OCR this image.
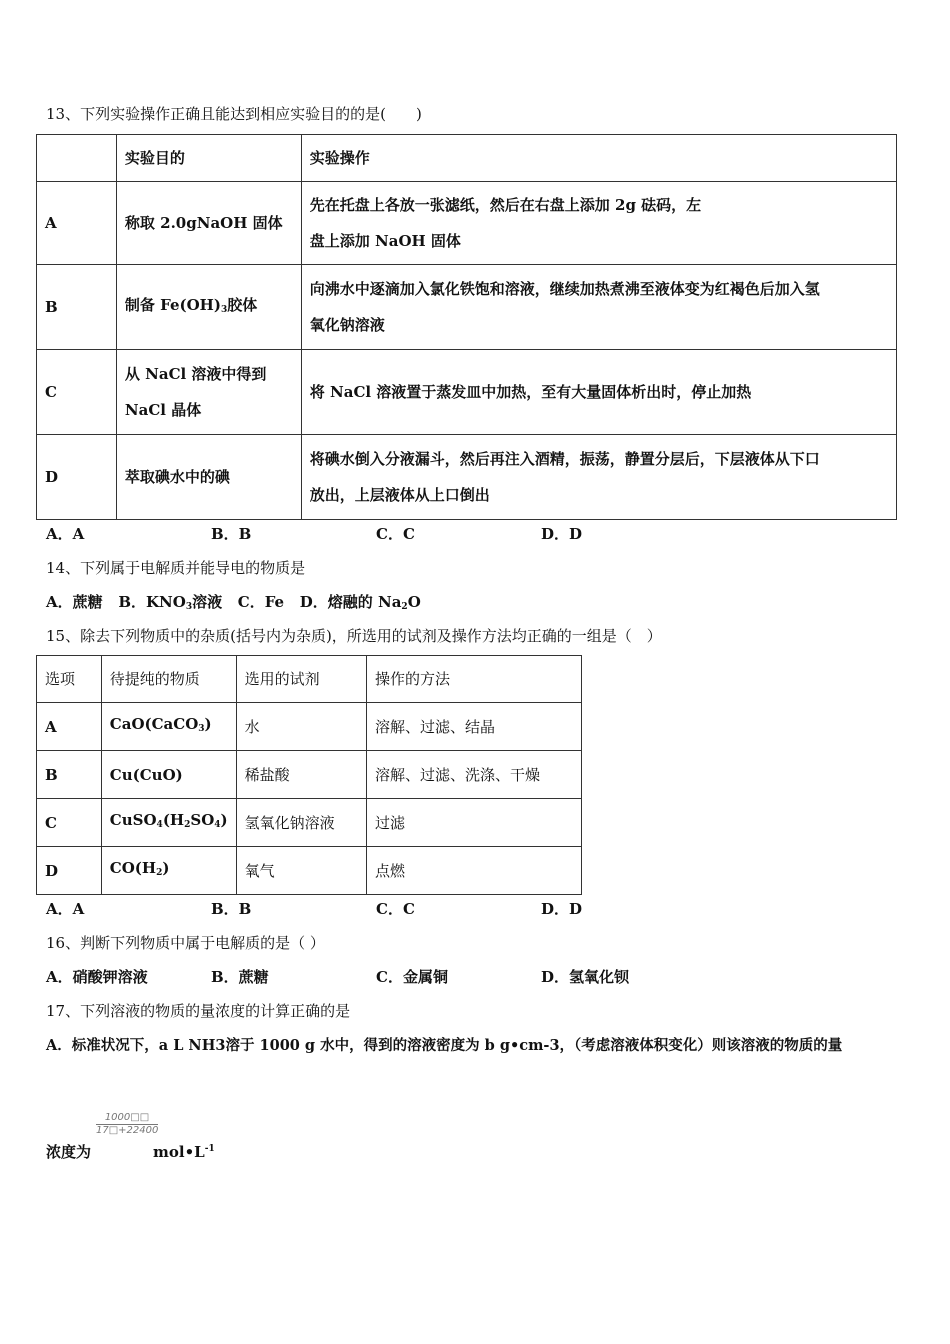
13、下列实验操作正确且能达到相应实验目的的是(　　)
	实验目的	实验操作
A	称取 2.0gNaOH 固体	先在托盘上各放一张滤纸，然后在右盘上添加 2g 砝码，左
盘上添加 NaOH 固体

B	制备 $Fe(OH)_3$胶体	向沸水中逐滴加入氯化铁饱和溶液，继续加热煮沸至液体变为红褐色后加入氢
氧化钠溶液

C	从 NaCl 溶液中得到
NaCl 晶体	将 NaCl 溶液置于蒸发皿中加热，至有大量固体析出时，停止加热
D	萃取碘水中的碘	将碘水倒入分液漏斗，然后再注入酒精，振荡，静置分层后，下层液体从下口
放出，上层液体从上口倒出
A．A	B．B	C．C	D．D
14、下列属于电解质并能导电的物质是
A．蔗糖 B．$KNO_3$溶液 C．Fe D．熔融的 $Na_2O$
15、除去下列物质中的杂质(括号内为杂质)，所选用的试剂及操作方法均正确的一组是（　）
选项	待提纯的物质	选用的试剂	操作的方法
A	CaO(CaCO$_3$)	水	溶解、过滤、结晶
B	Cu(CuO)	稀盐酸	溶解、过滤、洗涤、干燥
C	$CuSO_4(H_2SO_4)$	氢氧化钠溶液	过滤
D	$CO(H_2)$	氧气	点燃
A．A	B．B	C．C	D．D
16、判断下列物质中属于电解质的是（ ）
A．硝酸钾溶液	B．蔗糖	C．金属铜	D．氢氧化钡
17、下列溶液的物质的量浓度的计算正确的是
A．标准状况下，a L NH3溶于 1000 g 水中，得到的溶液密度为 b g•cm-3，（考虑溶液体积变化）则该溶液的物质的量
$\frac{1000□□}{17□+22400}$
浓度为	$mol•L^{-1}$
